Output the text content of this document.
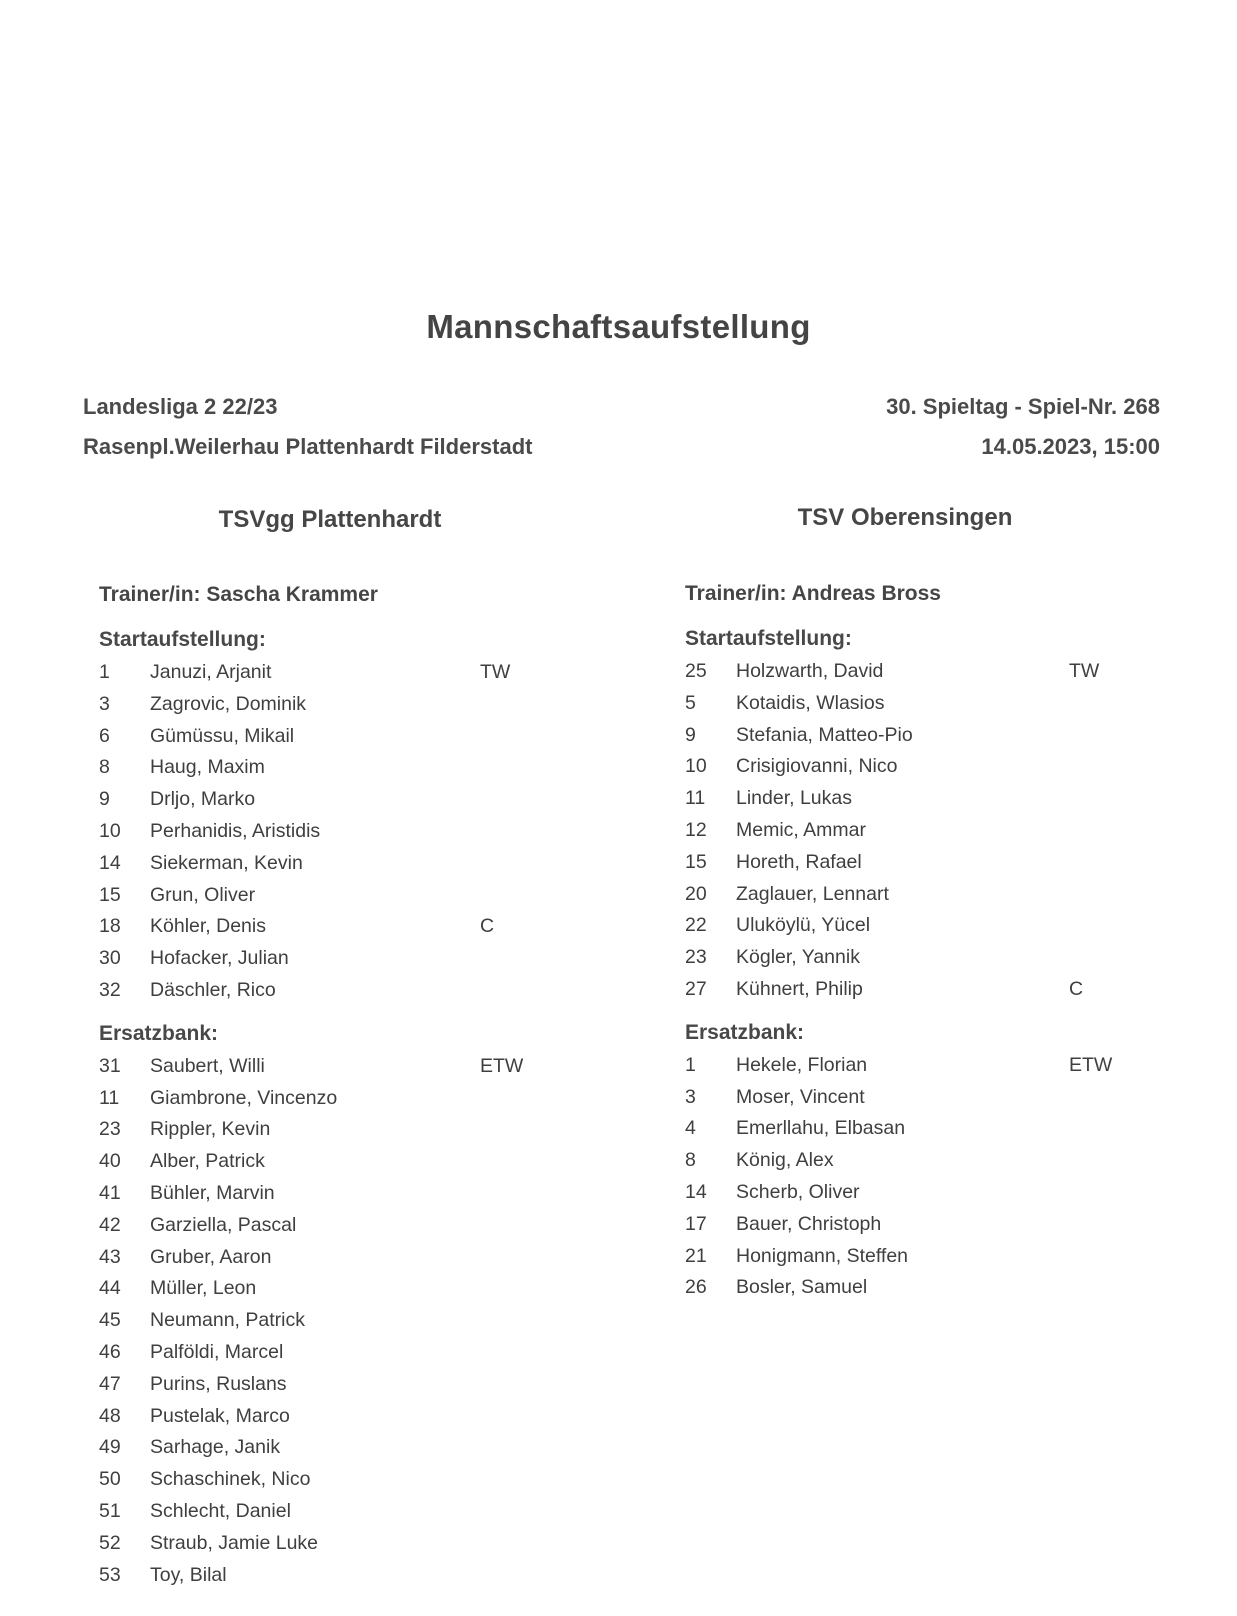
Mannschaftsaufstellung
Landesliga 2 22/23
Rasenpl.Weilerhau Plattenhardt Filderstadt
30. Spieltag - Spiel-Nr. 268
14.05.2023, 15:00
TSVgg Plattenhardt	TSV Oberensingen
Trainer/in: Sascha Krammer
Startaufstellung:
1	Januzi, Arjanit	TW
3	Zagrovic, Dominik
6	Gümüssu, Mikail
8	Haug, Maxim
9	Drljo, Marko
10	Perhanidis, Aristidis
14	Siekerman, Kevin
15	Grun, Oliver
18	Köhler, Denis	C
30	Hofacker, Julian
32	Däschler, Rico
Ersatzbank:
31	Saubert, Willi	ETW
11	Giambrone, Vincenzo
23	Rippler, Kevin
40	Alber, Patrick
41	Bühler, Marvin
42	Garziella, Pascal
43	Gruber, Aaron
44	Müller, Leon
45	Neumann, Patrick
46	Palföldi, Marcel
47	Purins, Ruslans
48	Pustelak, Marco
49	Sarhage, Janik
50	Schaschinek, Nico
51	Schlecht, Daniel
52	Straub, Jamie Luke
53	Toy, Bilal
Trainer/in: Andreas Bross
Startaufstellung:
25	Holzwarth, David	TW
5	Kotaidis, Wlasios
9	Stefania, Matteo-Pio
10	Crisigiovanni, Nico
11	Linder, Lukas
12	Memic, Ammar
15	Horeth, Rafael
20	Zaglauer, Lennart
22	Uluköylü, Yücel
23	Kögler, Yannik
27	Kühnert, Philip	C
Ersatzbank:
1	Hekele, Florian	ETW
3	Moser, Vincent
4	Emerllahu, Elbasan
8	König, Alex
14	Scherb, Oliver
17	Bauer, Christoph
21	Honigmann, Steffen
26	Bosler, Samuel
